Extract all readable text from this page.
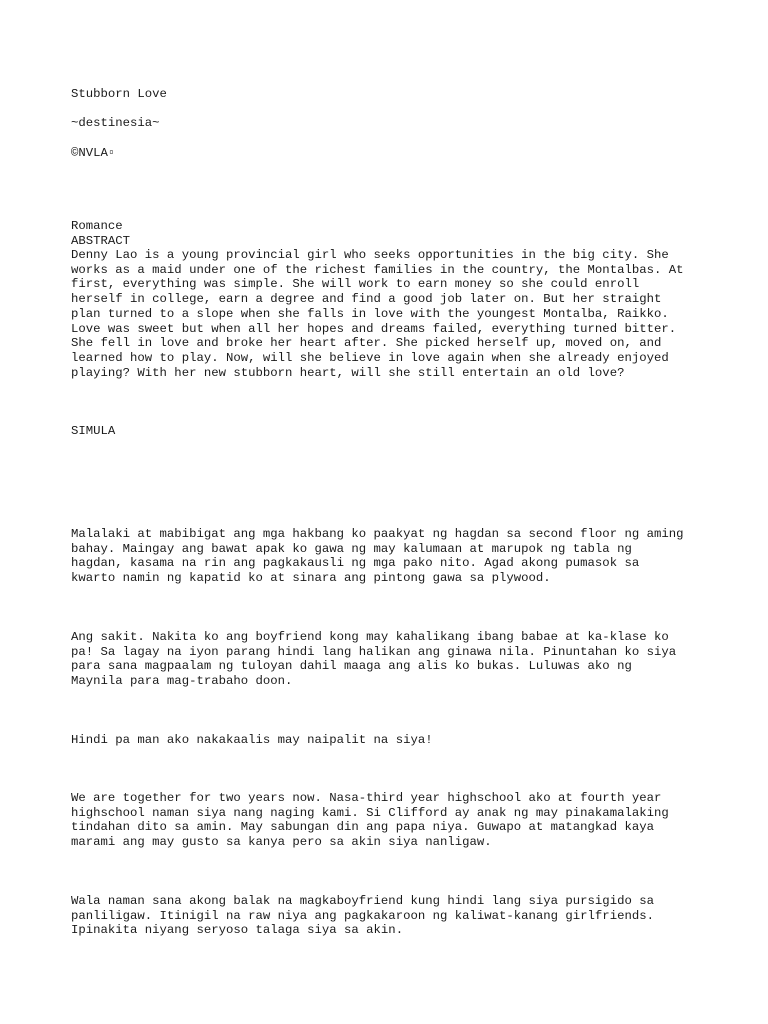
Stubborn Love

~destinesia~

©NVLA▫

Romance

ABSTRACT

Denny Lao is a young provincial girl who seeks opportunities in the big city. She
works as a maid under one of the richest families in the country, the Montalbas. At
first, everything was simple. She will work to earn money so she could enroll
herself in college, earn a degree and find a good job later on. But her straight
plan turned to a slope when she falls in love with the youngest Montalba, Raikko.
Love was sweet but when all her hopes and dreams failed, everything turned bitter.
She fell in love and broke her heart after. She picked herself up, moved on, and
learned how to play. Now, will she believe in love again when she already enjoyed
playing? With her new stubborn heart, will she still entertain an old love?

SIMULA

Malalaki at mabibigat ang mga hakbang ko paakyat ng hagdan sa second floor ng aming
bahay. Maingay ang bawat apak ko gawa ng may kalumaan at marupok ng tabla ng
hagdan, kasama na rin ang pagkakausli ng mga pako nito. Agad akong pumasok sa
kwarto namin ng kapatid ko at sinara ang pintong gawa sa plywood.

Ang sakit. Nakita ko ang boyfriend kong may kahalikang ibang babae at ka-klase ko
pa! Sa lagay na iyon parang hindi lang halikan ang ginawa nila. Pinuntahan ko siya
para sana magpaalam ng tuloyan dahil maaga ang alis ko bukas. Luluwas ako ng
Maynila para mag-trabaho doon.

Hindi pa man ako nakakaalis may naipalit na siya!

We are together for two years now. Nasa-third year highschool ako at fourth year
highschool naman siya nang naging kami. Si Clifford ay anak ng may pinakamalaking
tindahan dito sa amin. May sabungan din ang papa niya. Guwapo at matangkad kaya
marami ang may gusto sa kanya pero sa akin siya nanligaw.

Wala naman sana akong balak na magkaboyfriend kung hindi lang siya pursigido sa
panliligaw. Itinigil na raw niya ang pagkakaroon ng kaliwat-kanang girlfriends.
Ipinakita niyang seryoso talaga siya sa akin.
